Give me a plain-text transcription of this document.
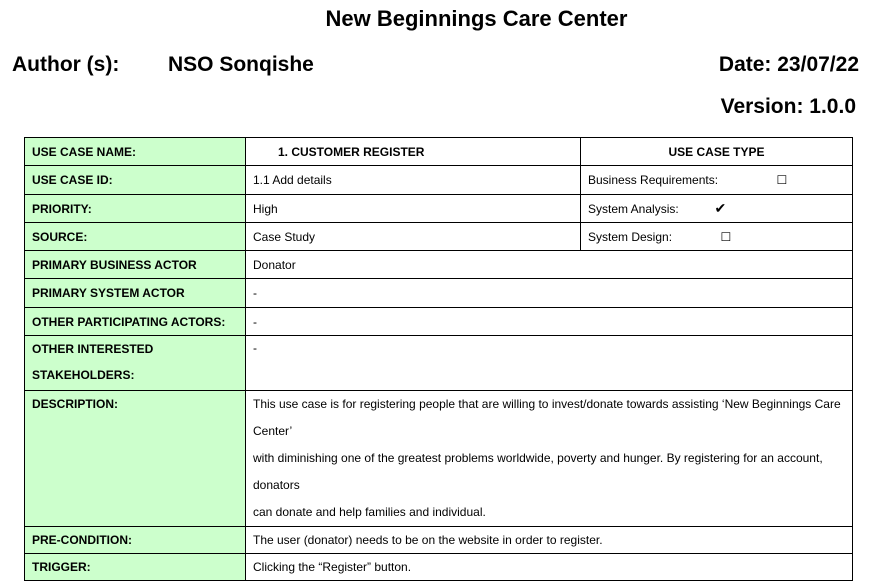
New Beginnings Care Center
Author (s): NSO Sonqishe	Date: 23/07/22
Version: 1.0.0
USE CASE NAME:	1. CUSTOMER REGISTER	USE CASE TYPE	
USE CASE ID:	1.1 Add details	Business Requirements:	☐
PRIORITY:	High	System Analysis:	✔
SOURCE:	Case Study	System Design:	☐
PRIMARY BUSINESS ACTOR	Donator		
PRIMARY SYSTEM ACTOR	-		
OTHER PARTICIPATING ACTORS:	-		

OTHER INTERESTED
STAKEHOLDERS:	-		
DESCRIPTION:	This use case is for registering people that are willing to invest/donate towards assisting ‘New Beginnings Care Center’
with diminishing one of the greatest problems worldwide, poverty and hunger. By registering for an account, donators
can donate and help families and individual.		

PRE-CONDITION:	The user (donator) needs to be on the website in order to register.		
TRIGGER:	Clicking the “Register” button.		
